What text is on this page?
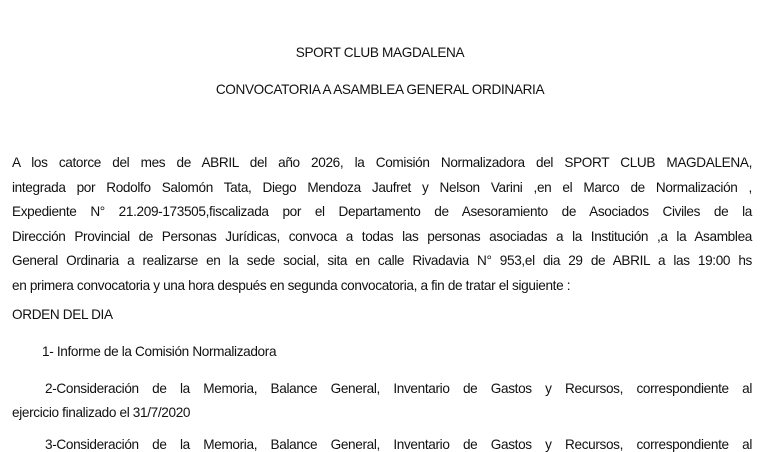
SPORT CLUB MAGDALENA
CONVOCATORIA A ASAMBLEA GENERAL ORDINARIA
A los catorce del mes de ABRIL del año 2026, la Comisión Normalizadora del SPORT CLUB MAGDALENA,
integrada por Rodolfo Salomón Tata, Diego Mendoza Jaufret y Nelson Varini ,en el Marco de Normalización ,
Expediente N° 21.209-173505,fiscalizada por el Departamento de Asesoramiento de Asociados Civiles de la
Dirección Provincial de Personas Jurídicas, convoca a todas las personas asociadas a la Institución ,a la Asamblea
General Ordinaria a realizarse en la sede social, sita en calle Rivadavia N° 953,el dia 29 de ABRIL a las 19:00 hs
en primera convocatoria y una hora después en segunda convocatoria, a fin de tratar el siguiente :
ORDEN DEL DIA
1- Informe de la Comisión Normalizadora
2-Consideración de la Memoria, Balance General, Inventario de Gastos y Recursos, correspondiente al
ejercicio finalizado el 31/7/2020
3-Consideración de la Memoria, Balance General, Inventario de Gastos y Recursos, correspondiente al
